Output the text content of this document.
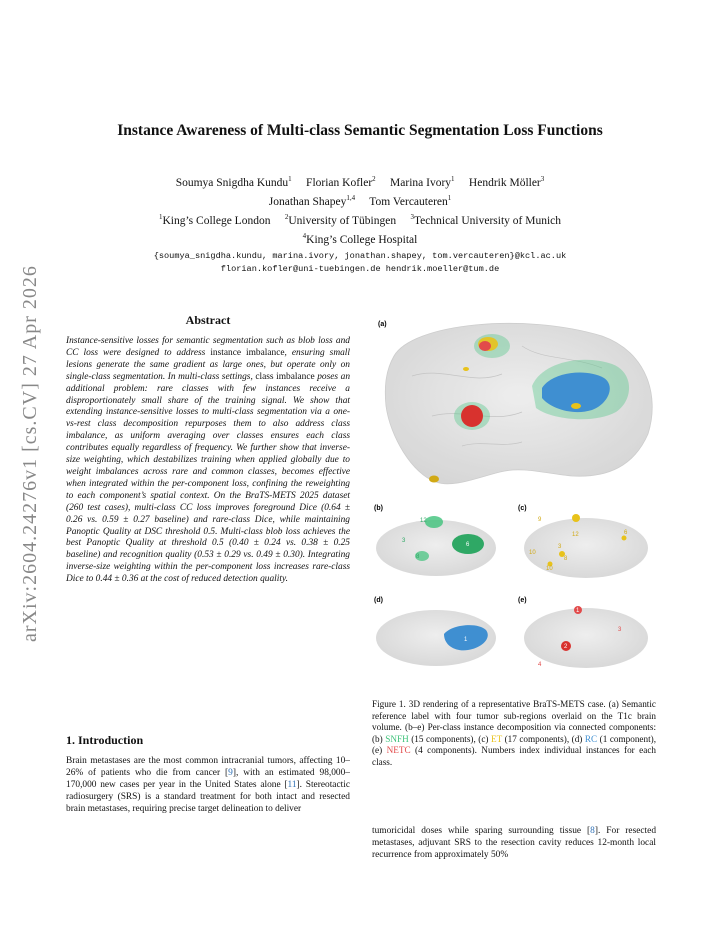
arXiv:2604.24276v1 [cs.CV] 27 Apr 2026
Instance Awareness of Multi-class Semantic Segmentation Loss Functions
Soumya Snigdha Kundu$^1$ Florian Kofler$^2$ Marina Ivory$^1$ Hendrik Möller$^3$
Jonathan Shapey$^{1,4}$ Tom Vercauteren$^1$
$^1$King’s College London $^2$University of Tübingen $^3$Technical University of Munich
$^4$King’s College Hospital
{soumya_snigdha.kundu, marina.ivory, jonathan.shapey, tom.vercauteren}@kcl.ac.uk
florian.kofler@uni-tuebingen.de hendrik.moeller@tum.de
Abstract
Instance-sensitive losses for semantic segmentation such as blob loss and CC loss were designed to address instance imbalance, ensuring small lesions generate the same gradient as large ones, but operate only on single-class segmentation. In multi-class settings, class imbalance poses an additional problem: rare classes with few instances receive a disproportionately small share of the training signal. We show that extending instance-sensitive losses to multi-class segmentation via a one-vs-rest class decomposition repurposes them to also address class imbalance, as uniform averaging over classes ensures each class contributes equally regardless of frequency. We further show that inverse-size weighting, which destabilizes training when applied globally due to weight imbalances across rare and common classes, becomes effective when integrated within the per-component loss, confining the reweighting to each component’s spatial context. On the BraTS-METS 2025 dataset (260 test cases), multi-class CC loss improves foreground Dice (0.64 ± 0.26 vs. 0.59 ± 0.27 baseline) and rare-class Dice, while maintaining Panoptic Quality at DSC threshold 0.5. Multi-class blob loss achieves the best Panoptic Quality at threshold 0.5 (0.40 ± 0.24 vs. 0.38 ± 0.25 baseline) and recognition quality (0.53 ± 0.29 vs. 0.49 ± 0.30). Integrating inverse-size weighting within the per-component loss increases rare-class Dice to 0.44 ± 0.36 at the cost of reduced detection quality.
1. Introduction
Brain metastases are the most common intracranial tumors, affecting 10–26% of patients who die from cancer [9], with an estimated 98,000–170,000 new cases per year in the United States alone [11]. Stereotactic radiosurgery (SRS) is a standard treatment for both intact and resected brain metastases, requiring precise target delineation to deliver
(a)
(b)
12
6
8
3
(c)
9
12
3
10
6
8
10
(d)
1
(e)
1
2
3
4
Figure 1. 3D rendering of a representative BraTS-METS case. (a) Semantic reference label with four tumor sub-regions overlaid on the T1c brain volume. (b–e) Per-class instance decomposition via connected components: (b) SNFH (15 components), (c) ET (17 components), (d) RC (1 component), (e) NETC (4 components). Numbers index individual instances for each class.
tumoricidal doses while sparing surrounding tissue [8]. For resected metastases, adjuvant SRS to the resection cavity reduces 12-month local recurrence from approximately 50%
